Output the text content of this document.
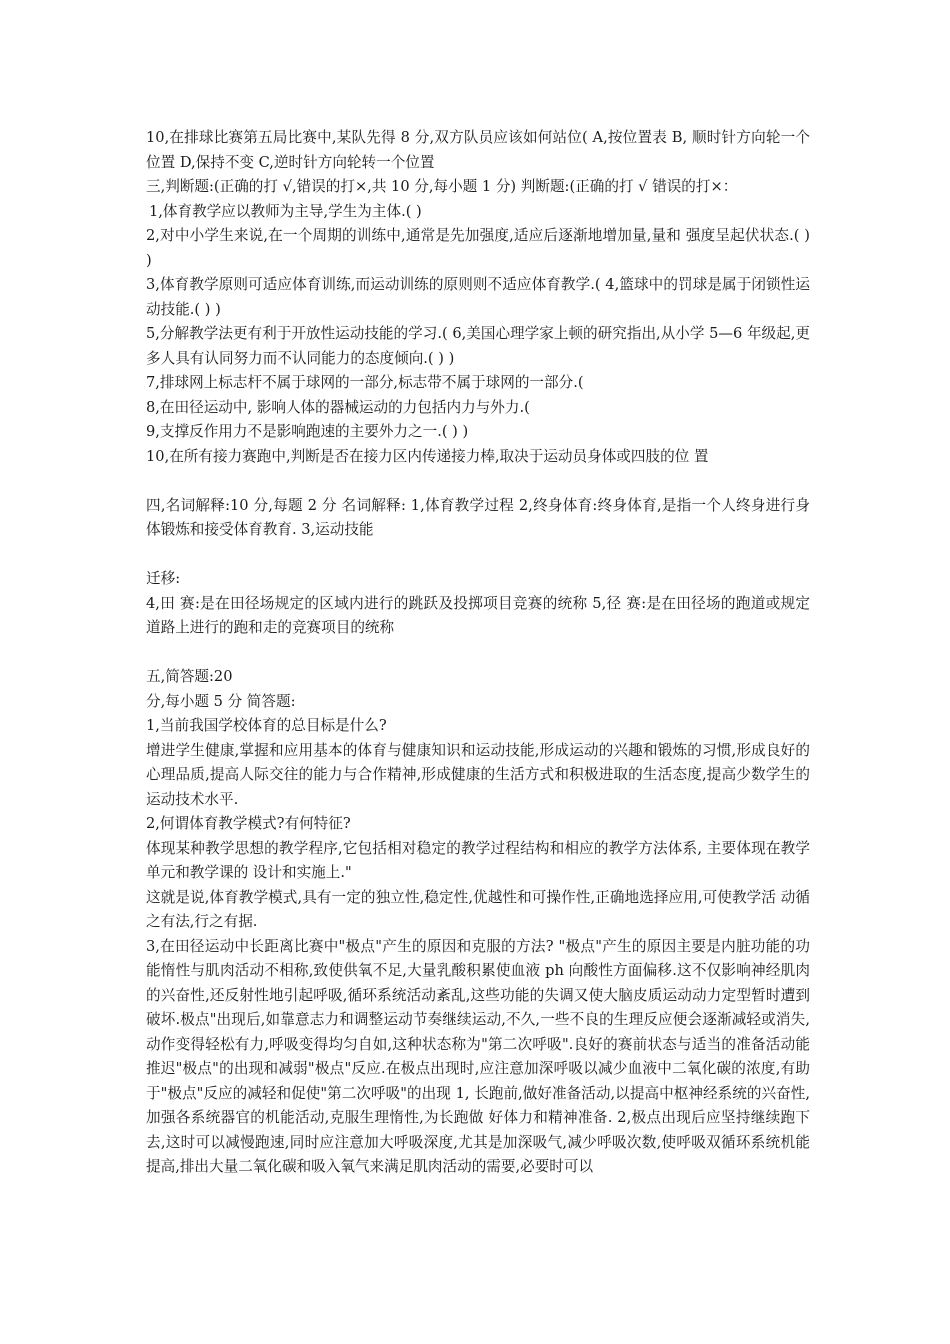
10,在排球比赛第五局比赛中,某队先得 8 分,双方队员应该如何站位( A,按位置表 B, 顺时针方向轮一个位置 D,保持不变 C,逆时针方向轮转一个位置

三,判断题:(正确的打 √,错误的打×,共 10 分,每小题 1 分) 判断题:(正确的打 √ 错误的打×：

1,体育教学应以教师为主导,学生为主体.( )

2,对中小学生来说,在一个周期的训练中,通常是先加强度,适应后逐渐地增加量,量和 强度呈起伏状态.( ) )

3,体育教学原则可适应体育训练,而运动训练的原则则不适应体育教学.( 4,篮球中的罚球是属于闭锁性运动技能.( ) )

5,分解教学法更有利于开放性运动技能的学习.( 6,美国心理学家上顿的研究指出,从小学 5—6 年级起,更多人具有认同努力而不认同能力的态度倾向.( ) )

7,排球网上标志杆不属于球网的一部分,标志带不属于球网的一部分.(

8,在田径运动中, 影响人体的器械运动的力包括内力与外力.(

9,支撑反作用力不是影响跑速的主要外力之一.( ) )

10,在所有接力赛跑中,判断是否在接力区内传递接力棒,取决于运动员身体或四肢的位 置

四,名词解释:10 分,每题 2 分 名词解释: 1,体育教学过程 2,终身体育:终身体育,是指一个人终身进行身体锻炼和接受体育教育. 3,运动技能

迁移:

4,田 赛:是在田径场规定的区域内进行的跳跃及投掷项目竞赛的统称 5,径 赛:是在田径场的跑道或规定道路上进行的跑和走的竞赛项目的统称

五,简答题:20

分,每小题 5 分 简答题:

1,当前我国学校体育的总目标是什么?

增进学生健康,掌握和应用基本的体育与健康知识和运动技能,形成运动的兴趣和锻炼的习惯,形成良好的心理品质,提高人际交往的能力与合作精神,形成健康的生活方式和积极进取的生活态度,提高少数学生的运动技术水平.

2,何谓体育教学模式?有何特征?

体现某种教学思想的教学程序,它包括相对稳定的教学过程结构和相应的教学方法体系, 主要体现在教学单元和教学课的 设计和实施上."

这就是说,体育教学模式,具有一定的独立性,稳定性,优越性和可操作性,正确地选择应用,可使教学活 动循之有法,行之有据.

3,在田径运动中长距离比赛中"极点"产生的原因和克服的方法? "极点"产生的原因主要是内脏功能的功能惰性与肌肉活动不相称,致使供氧不足,大量乳酸积累使血液 ph 向酸性方面偏移.这不仅影响神经肌肉的兴奋性,还反射性地引起呼吸,循环系统活动紊乱,这些功能的失调又使大脑皮质运动动力定型暂时遭到破坏.极点"出现后,如靠意志力和调整运动节奏继续运动,不久,一些不良的生理反应便会逐渐减轻或消失,动作变得轻松有力,呼吸变得均匀自如,这种状态称为"第二次呼吸".良好的赛前状态与适当的准备活动能推迟"极点"的出现和减弱"极点"反应.在极点出现时,应注意加深呼吸以减少血液中二氧化碳的浓度,有助于"极点"反应的减轻和促使"第二次呼吸"的出现 1, 长跑前,做好准备活动,以提高中枢神经系统的兴奋性,加强各系统器官的机能活动,克服生理惰性,为长跑做 好体力和精神准备. 2,极点出现后应坚持继续跑下去,这时可以减慢跑速,同时应注意加大呼吸深度,尤其是加深吸气,减少呼吸次数,使呼吸双循环系统机能提高,排出大量二氧化碳和吸入氧气来满足肌肉活动的需要,必要时可以
